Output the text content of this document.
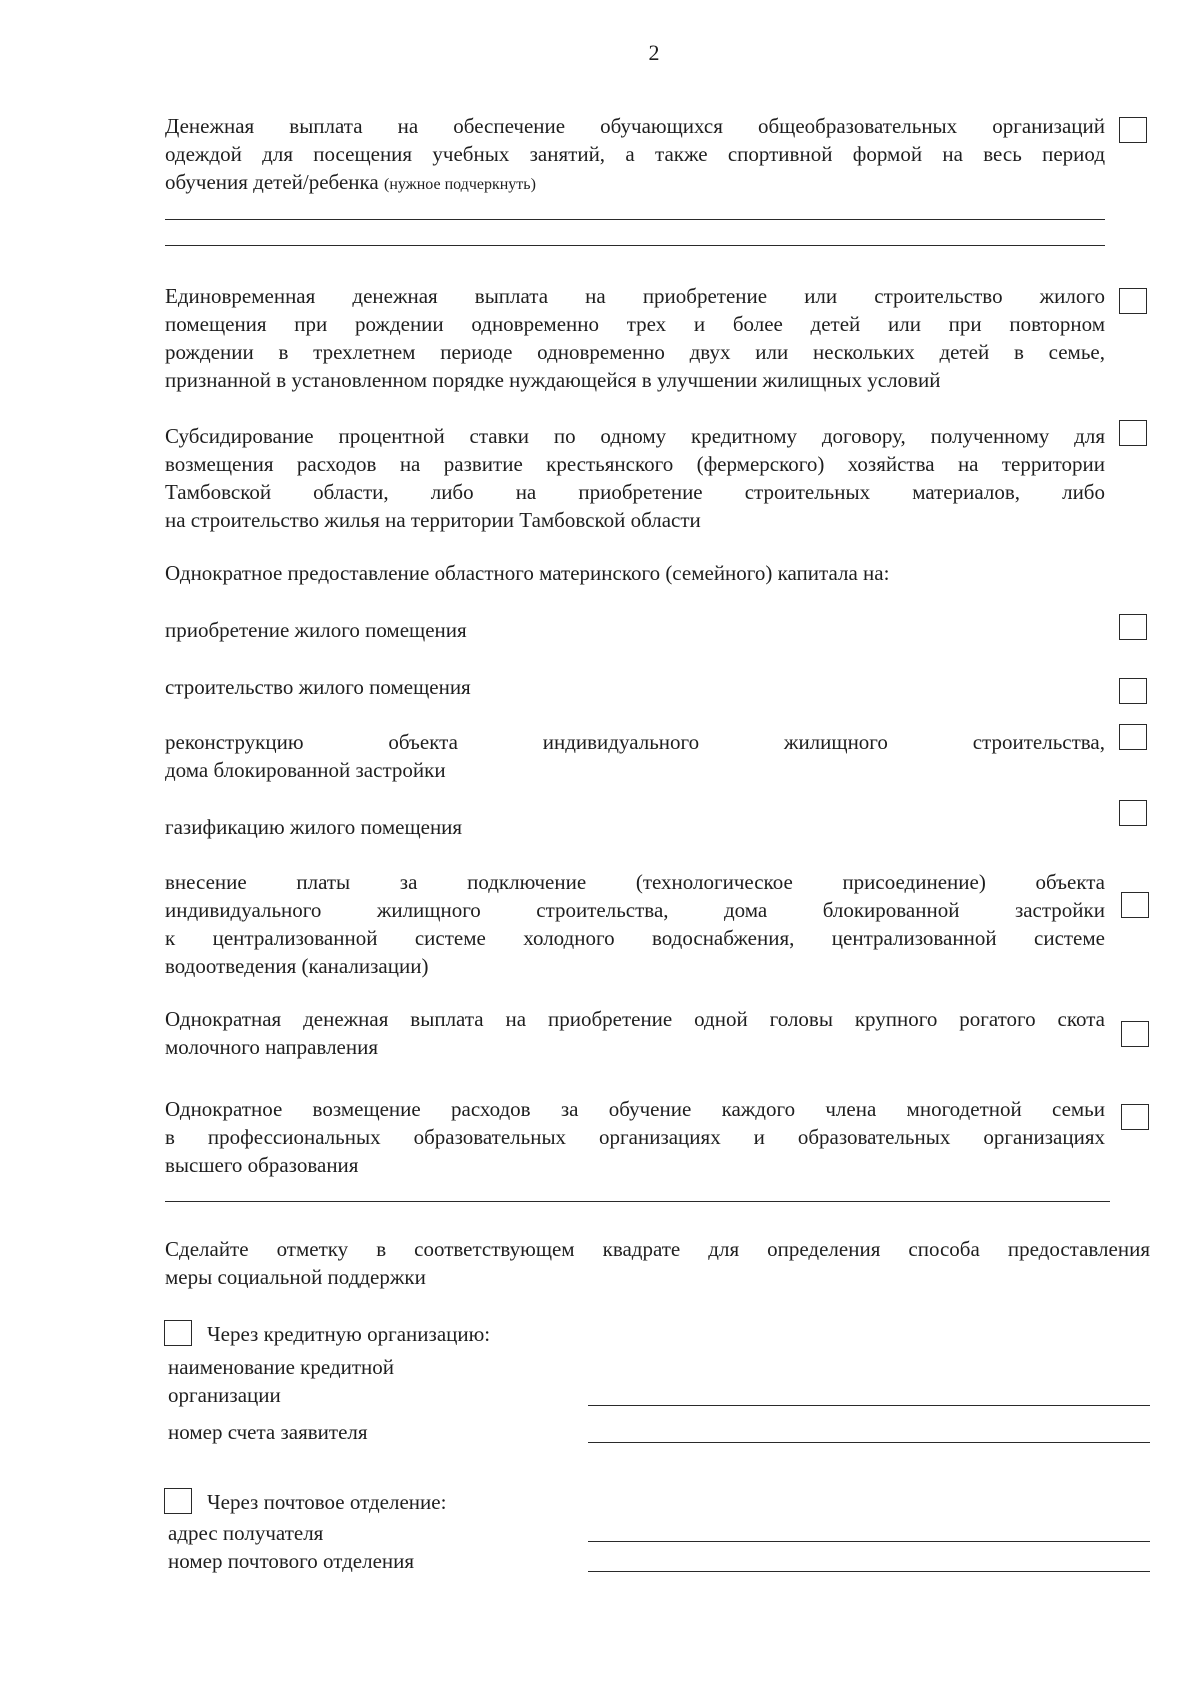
2
Денежная выплата на обеспечение обучающихся общеобразовательных организаций
одеждой для посещения учебных занятий, а также спортивной формой на весь период
обучения детей/ребенка (нужное подчеркнуть)
Единовременная денежная выплата на приобретение или строительство жилого
помещения при рождении одновременно трех и более детей или при повторном
рождении в трехлетнем периоде одновременно двух или нескольких детей в семье,
признанной в установленном порядке нуждающейся в улучшении жилищных условий
Субсидирование процентной ставки по одному кредитному договору, полученному для
возмещения расходов на развитие крестьянского (фермерского) хозяйства на территории
Тамбовской области, либо на приобретение строительных материалов, либо
на строительство жилья на территории Тамбовской области
Однократное предоставление областного материнского (семейного) капитала на:
приобретение жилого помещения
строительство жилого помещения
реконструкцию объекта индивидуального жилищного строительства,
дома блокированной застройки
газификацию жилого помещения
внесение платы за подключение (технологическое присоединение) объекта
индивидуального жилищного строительства, дома блокированной застройки
к централизованной системе холодного водоснабжения, централизованной системе
водоотведения (канализации)
Однократная денежная выплата на приобретение одной головы крупного рогатого скота
молочного направления
Однократное возмещение расходов за обучение каждого члена многодетной семьи
в профессиональных образовательных организациях и образовательных организациях
высшего образования
Сделайте отметку в соответствующем квадрате для определения способа предоставления
меры социальной поддержки
Через кредитную организацию:
наименование кредитной
организации
номер счета заявителя
Через почтовое отделение:
адрес получателя
номер почтового отделения
